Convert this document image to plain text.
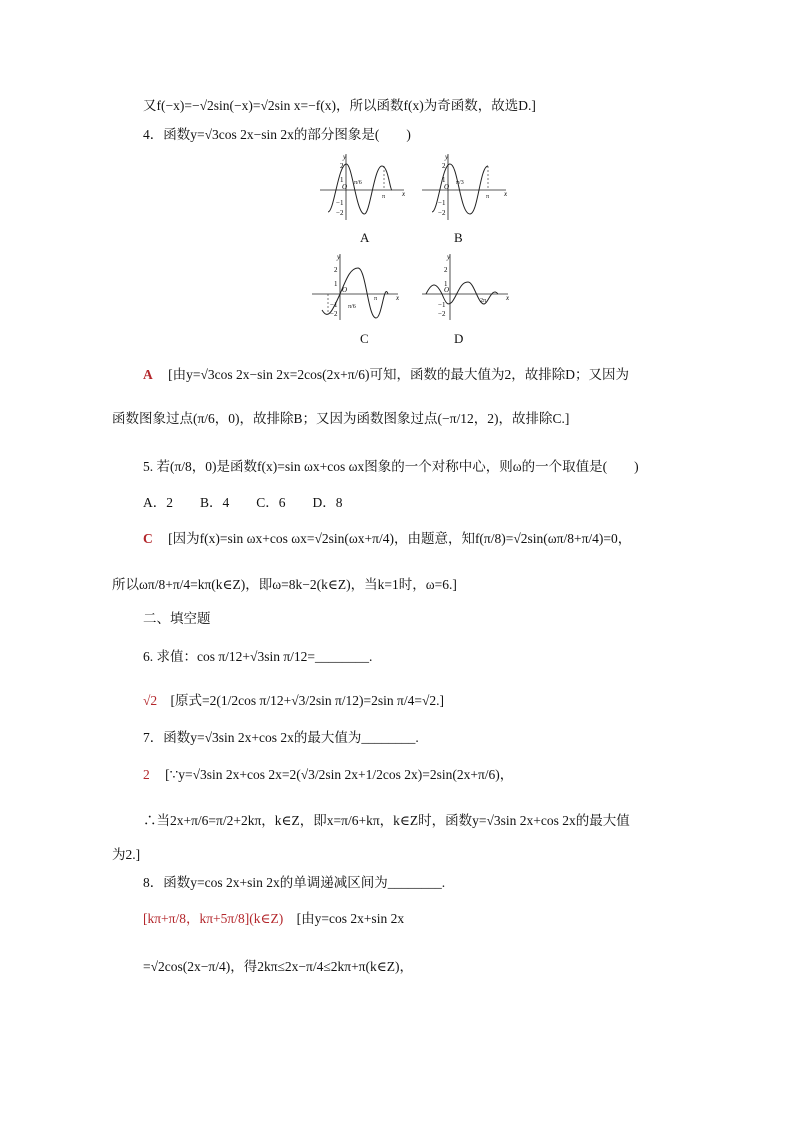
又f(−x)=−√2sin(−x)=√2sin x=−f(x)，所以函数f(x)为奇函数，故选D.]
4．函数y=√3cos 2x−sin 2x的部分图象是(　　)
y
x
2
1
O
−1
−2
π/6
π
A
y
x
2
1
O
−1
−2
π/3
π
B
y
x
2
1
O
−1
−2
π/6
π
C
y
x
2
1
O
−1
−2
2π
D
A [由y=√3cos 2x−sin 2x=2cos(2x+π/6)可知，函数的最大值为2，故排除D；又因为
函数图象过点(π/6，0)，故排除B；又因为函数图象过点(−π/12，2)，故排除C.]
5. 若(π/8，0)是函数f(x)=sin ωx+cos ωx图象的一个对称中心，则ω的一个取值是(　　)
A．2　　B．4　　C．6　　D．8
C [因为f(x)=sin ωx+cos ωx=√2sin(ωx+π/4)，由题意，知f(π/8)=√2sin(ωπ/8+π/4)=0，
所以ωπ/8+π/4=kπ(k∈Z)，即ω=8k−2(k∈Z)，当k=1时，ω=6.]
二、填空题
6. 求值：cos π/12+√3sin π/12=________.
√2 [原式=2(1/2cos π/12+√3/2sin π/12)=2sin π/4=√2.]
7．函数y=√3sin 2x+cos 2x的最大值为________.
2 [∵y=√3sin 2x+cos 2x=2(√3/2sin 2x+1/2cos 2x)=2sin(2x+π/6)，
∴当2x+π/6=π/2+2kπ，k∈Z，即x=π/6+kπ，k∈Z时，函数y=√3sin 2x+cos 2x的最大值
为2.]
8．函数y=cos 2x+sin 2x的单调递减区间为________.
[kπ+π/8，kπ+5π/8](k∈Z) [由y=cos 2x+sin 2x
=√2cos(2x−π/4)，得2kπ≤2x−π/4≤2kπ+π(k∈Z)，
